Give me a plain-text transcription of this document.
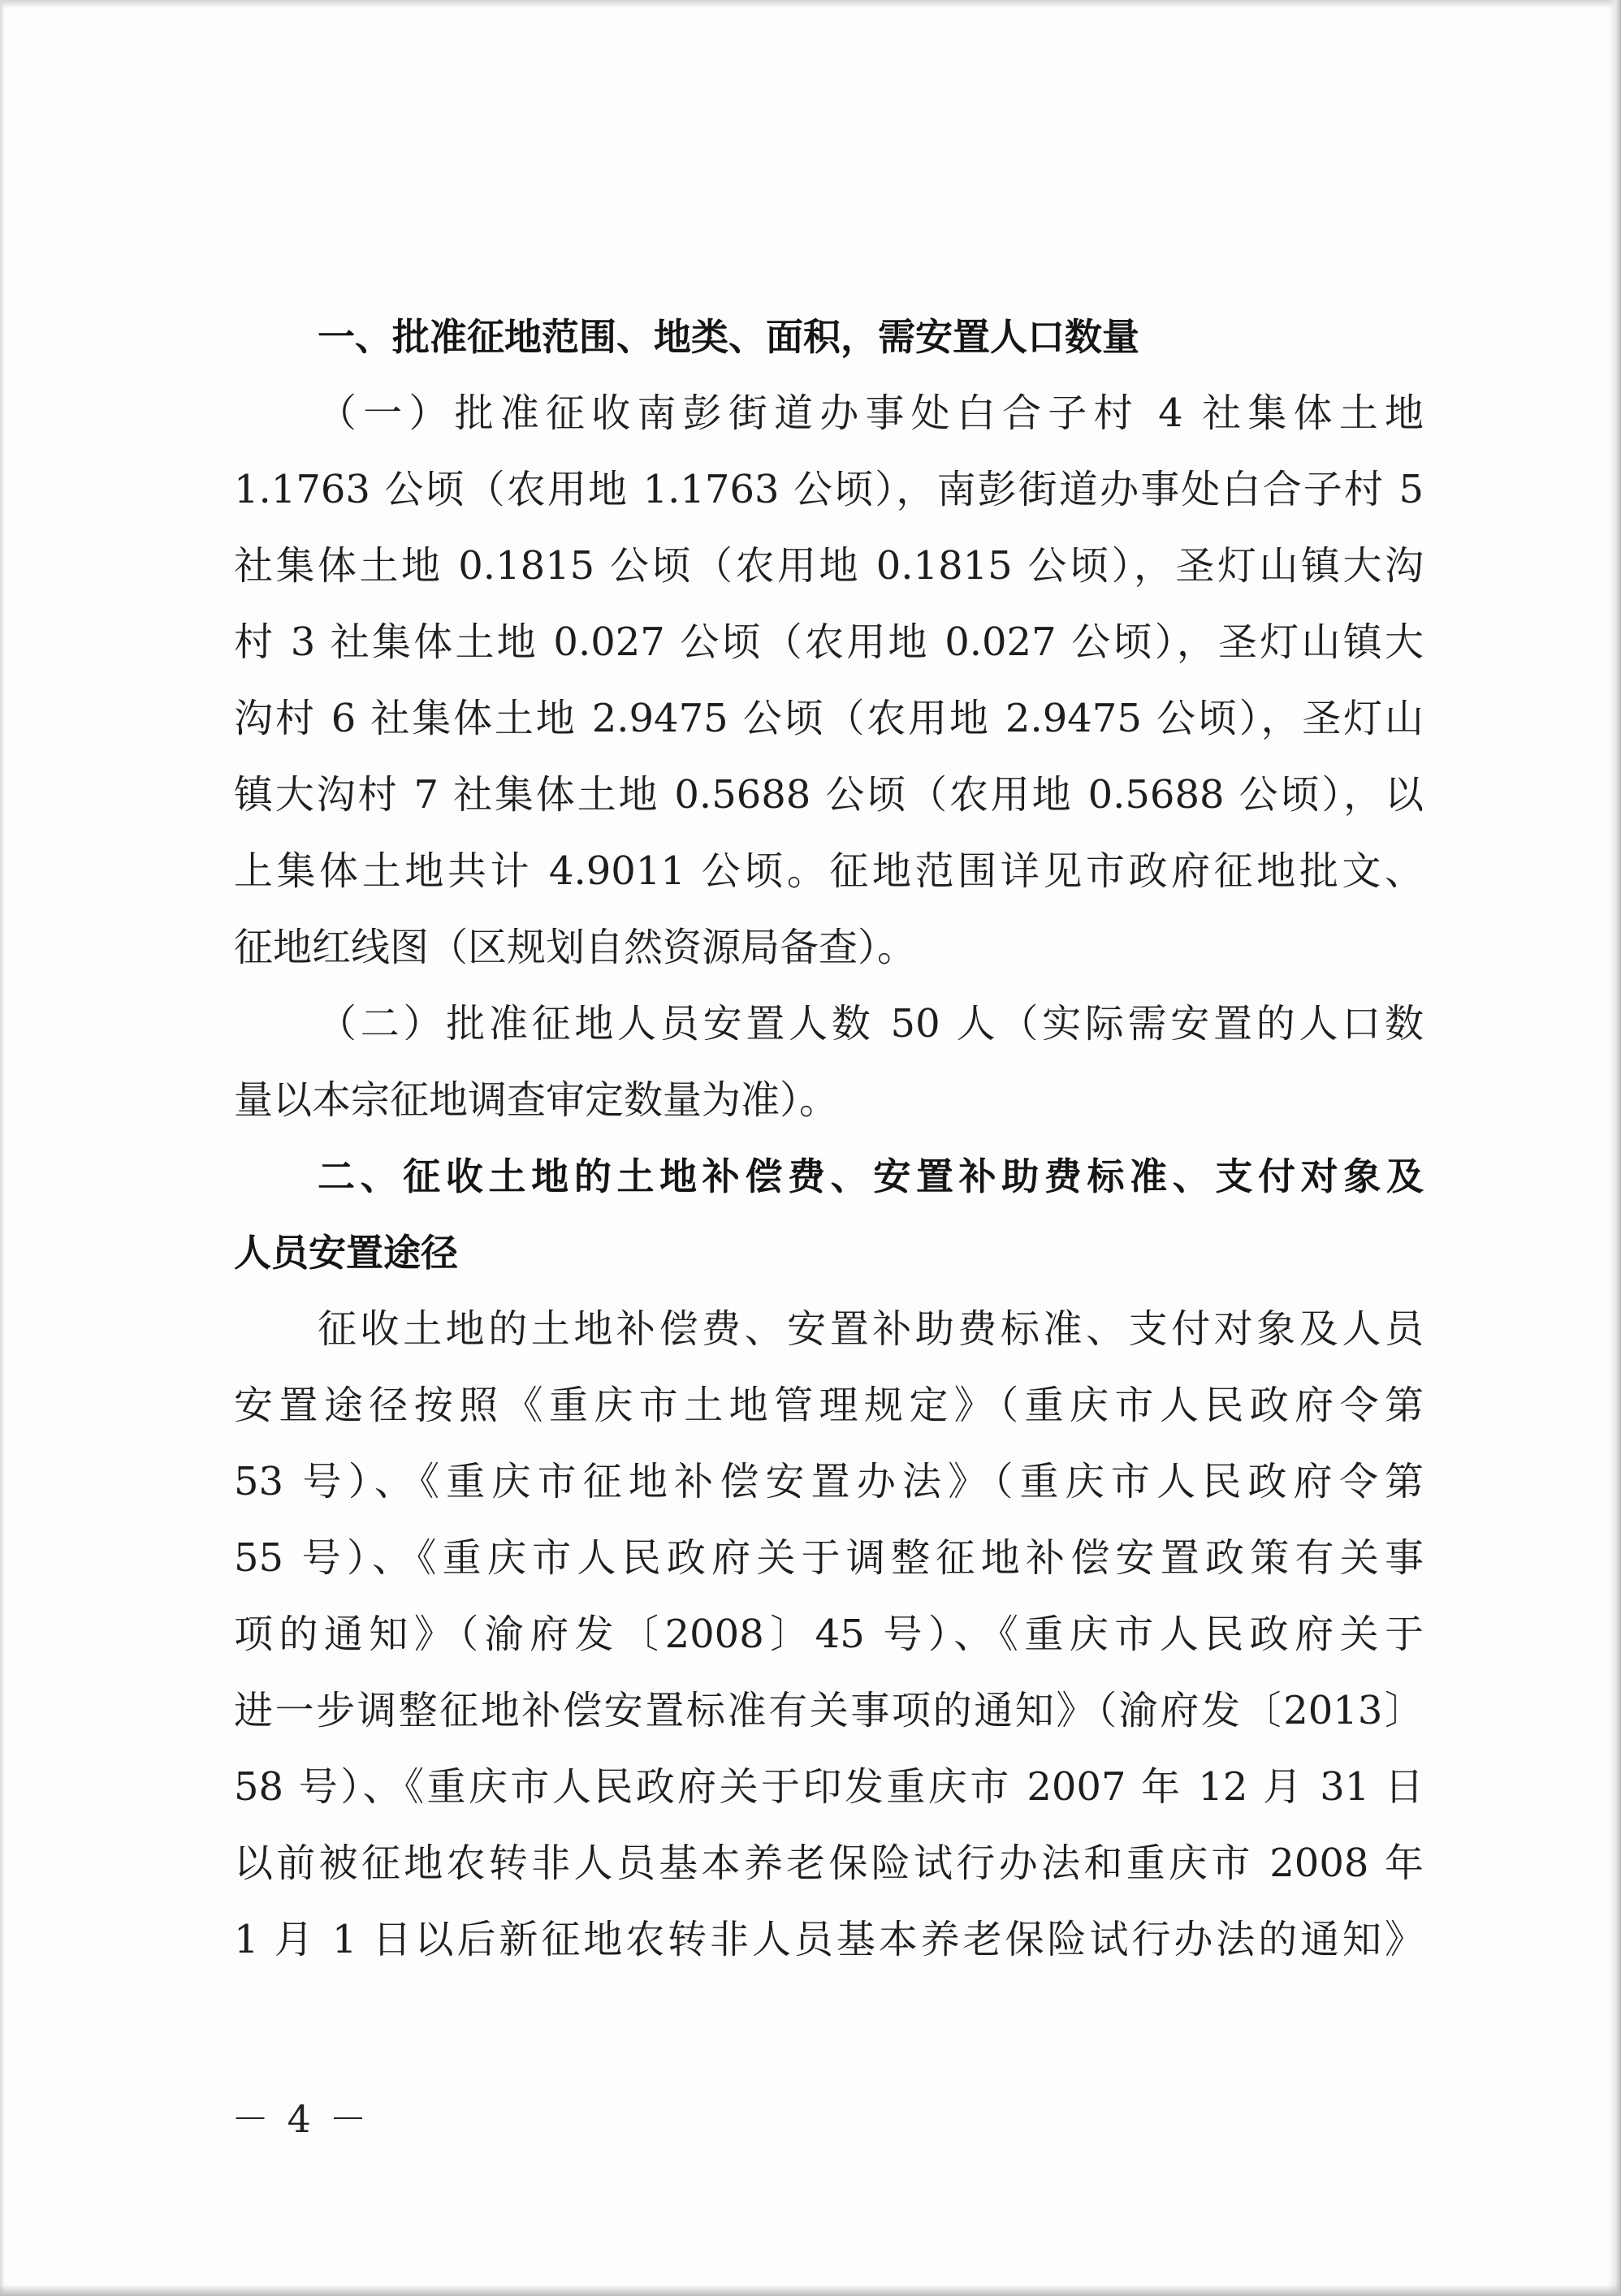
一、批准征地范围、地类、面积，需安置人口数量
（一）批准征收南彭街道办事处白合子村 4 社集体土地
1.1763 公顷（农用地 1.1763 公顷），南彭街道办事处白合子村 5
社集体土地 0.1815 公顷（农用地 0.1815 公顷），圣灯山镇大沟
村 3 社集体土地 0.027 公顷（农用地 0.027 公顷），圣灯山镇大
沟村 6 社集体土地 2.9475 公顷（农用地 2.9475 公顷），圣灯山
镇大沟村 7 社集体土地 0.5688 公顷（农用地 0.5688 公顷），以
上集体土地共计 4.9011 公顷。征地范围详见市政府征地批文、
征地红线图（区规划自然资源局备查）。
（二）批准征地人员安置人数 50 人（实际需安置的人口数
量以本宗征地调查审定数量为准）。
二、征收土地的土地补偿费、安置补助费标准、支付对象及
人员安置途径
征收土地的土地补偿费、安置补助费标准、支付对象及人员
安置途径按照《重庆市土地管理规定》（重庆市人民政府令第
53 号）、《重庆市征地补偿安置办法》（重庆市人民政府令第
55 号）、《重庆市人民政府关于调整征地补偿安置政策有关事
项的通知》（渝府发〔2008〕45 号）、《重庆市人民政府关于
进一步调整征地补偿安置标准有关事项的通知》（渝府发〔2013〕
58 号）、《重庆市人民政府关于印发重庆市 2007 年 12 月 31 日
以前被征地农转非人员基本养老保险试行办法和重庆市 2008 年
1 月 1 日以后新征地农转非人员基本养老保险试行办法的通知》
－ 4 －
